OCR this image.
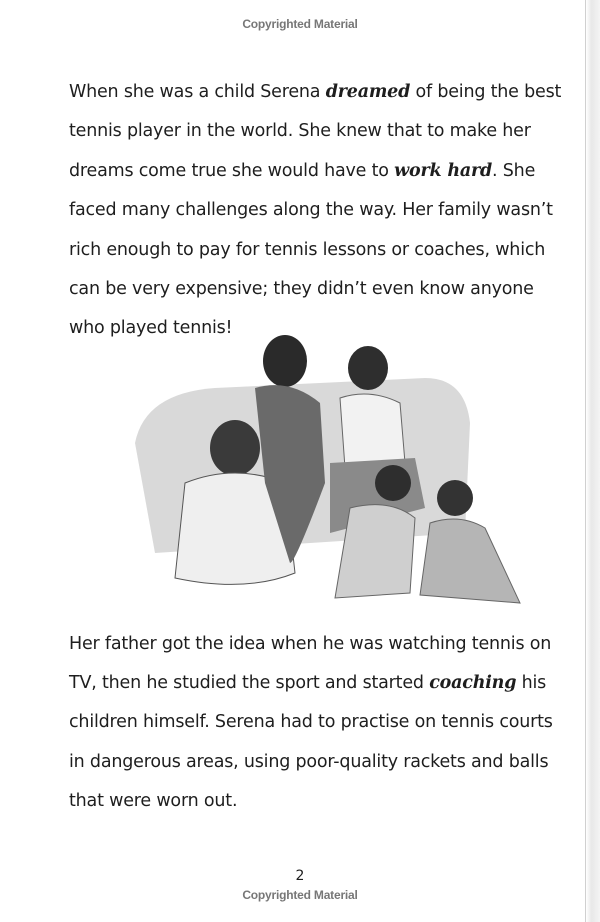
Copyrighted Material
When she was a child Serena dreamed of being the best
tennis player in the world. She knew that to make her
dreams come true she would have to work hard. She
faced many challenges along the way. Her family wasn’t
rich enough to pay for tennis lessons or coaches, which
can be very expensive; they didn’t even know anyone
who played tennis!
Her father got the idea when he was watching tennis on
TV, then he studied the sport and started coaching his
children himself. Serena had to practise on tennis courts
in dangerous areas, using poor-quality rackets and balls
that were worn out.
2
Copyrighted Material
